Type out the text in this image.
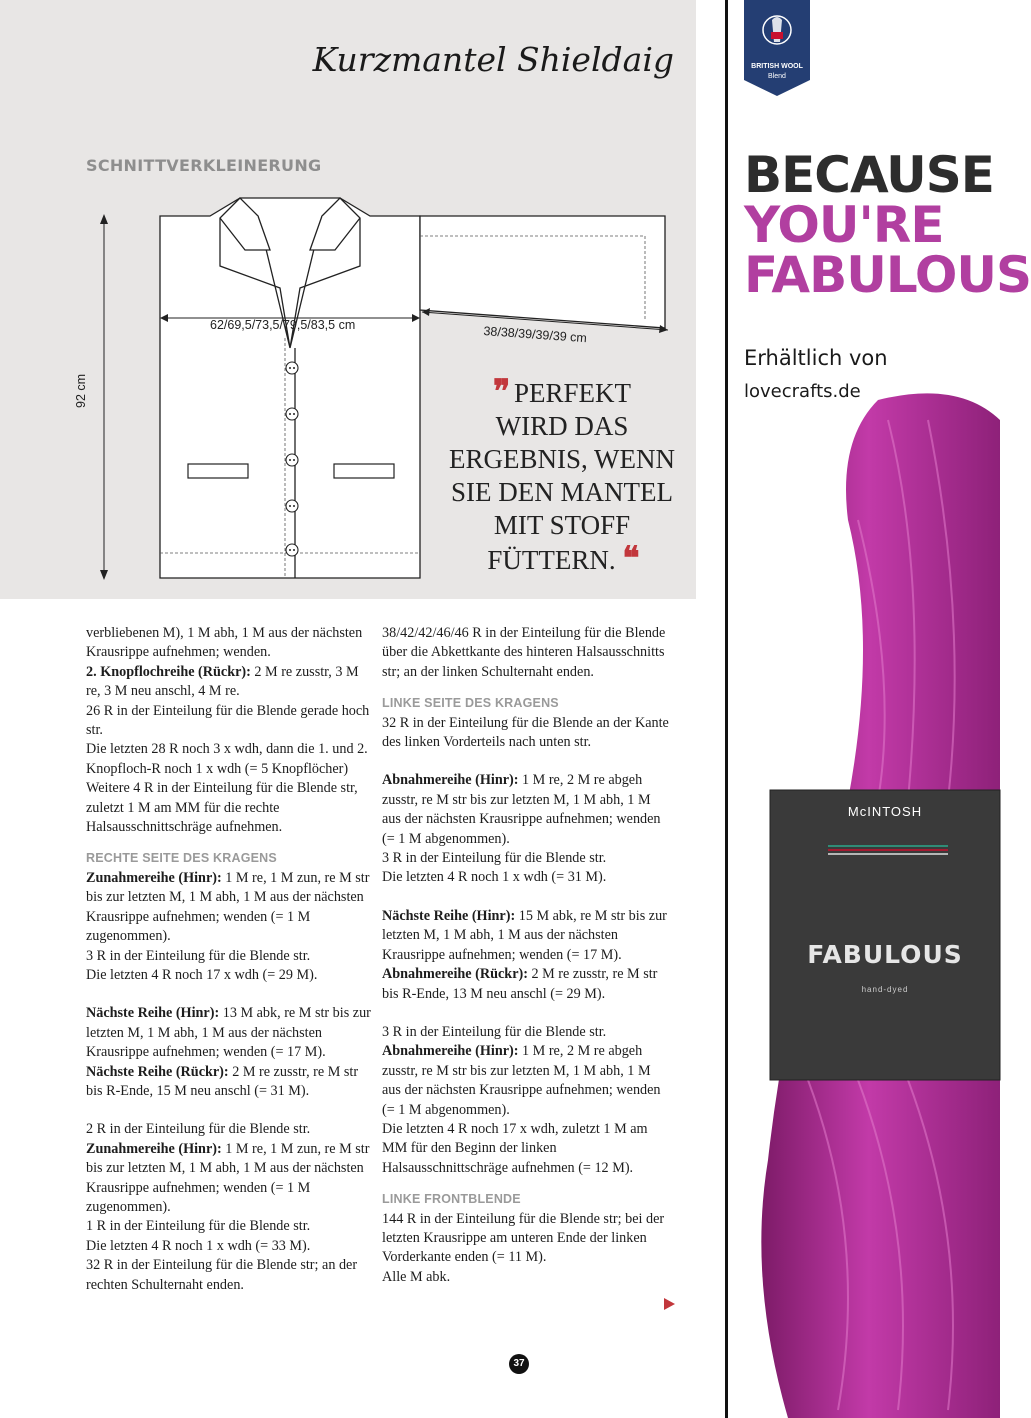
Kurzmantel Shieldaig
SCHNITTVERKLEINERUNG
62/69,5/73,5/79,5/83,5 cm	38/38/39/39/39 cm
92 cm	❞ PERFEKT
WIRD DAS
ERGEBNIS, WENN
SIE DEN MANTEL
MIT STOFF
FÜTTERN. ❝

verbliebenen M), 1 M abh, 1 M aus der nächsten Krausrippe aufnehmen; wenden.

2. Knopflochreihe (Rückr): 2 M re zusstr, 3 M re, 3 M neu anschl, 4 M re.

26 R in der Einteilung für die Blende gerade hoch str.

Die letzten 28 R noch 3 x wdh, dann die 1. und 2. Knopfloch-R noch 1 x wdh (= 5 Knopflöcher)

Weitere 4 R in der Einteilung für die Blende str, zuletzt 1 M am MM für die rechte Halsausschnittschräge aufnehmen.

RECHTE SEITE DES KRAGENS

Zunahmereihe (Hinr): 1 M re, 1 M zun, re M str bis zur letzten M, 1 M abh, 1 M aus der nächsten Krausrippe aufnehmen; wenden (= 1 M zugenommen).

3 R in der Einteilung für die Blende str.

Die letzten 4 R noch 17 x wdh (= 29 M).

Nächste Reihe (Hinr): 13 M abk, re M str bis zur letzten M, 1 M abh, 1 M aus der nächsten Krausrippe aufnehmen; wenden (= 17 M).

Nächste Reihe (Rückr): 2 M re zusstr, re M str bis R-Ende, 15 M neu anschl (= 31 M).

2 R in der Einteilung für die Blende str.

Zunahmereihe (Hinr): 1 M re, 1 M zun, re M str bis zur letzten M, 1 M abh, 1 M aus der nächsten Krausrippe aufnehmen; wenden (= 1 M zugenommen).

1 R in der Einteilung für die Blende str.

Die letzten 4 R noch 1 x wdh (= 33 M).

32 R in der Einteilung für die Blende str; an der rechten Schulternaht enden.

38/42/42/46/46 R in der Einteilung für die Blende über die Abkettkante des hinteren Halsausschnitts str; an der linken Schulternaht enden.

LINKE SEITE DES KRAGENS

32 R in der Einteilung für die Blende an der Kante des linken Vorderteils nach unten str.

Abnahmereihe (Hinr): 1 M re, 2 M re abgeh zusstr, re M str bis zur letzten M, 1 M abh, 1 M aus der nächsten Krausrippe aufnehmen; wenden (= 1 M abgenommen).

3 R in der Einteilung für die Blende str.

Die letzten 4 R noch 1 x wdh (= 31 M).

Nächste Reihe (Hinr): 15 M abk, re M str bis zur letzten M, 1 M abh, 1 M aus der nächsten Krausrippe aufnehmen; wenden (= 17 M).

Abnahmereihe (Rückr): 2 M re zusstr, re M str bis R-Ende, 13 M neu anschl (= 29 M).

3 R in der Einteilung für die Blende str.

Abnahmereihe (Hinr): 1 M re, 2 M re abgeh zusstr, re M str bis zur letzten M, 1 M abh, 1 M aus der nächsten Krausrippe aufnehmen; wenden (= 1 M abgenommen).

Die letzten 4 R noch 17 x wdh, zuletzt 1 M am MM für den Beginn der linken Halsausschnittschräge aufnehmen (= 12 M).

LINKE FRONTBLENDE

144 R in der Einteilung für die Blende str; bei der letzten Krausrippe am unteren Ende der linken Vorderkante enden (= 11 M).

Alle M abk.

37
BRITISH WOOL
Blend
BECAUSE
YOU'RE
FABULOUS
Erhältlich von
lovecrafts.de
McINTOSH
FABULOUS
hand-dyed
